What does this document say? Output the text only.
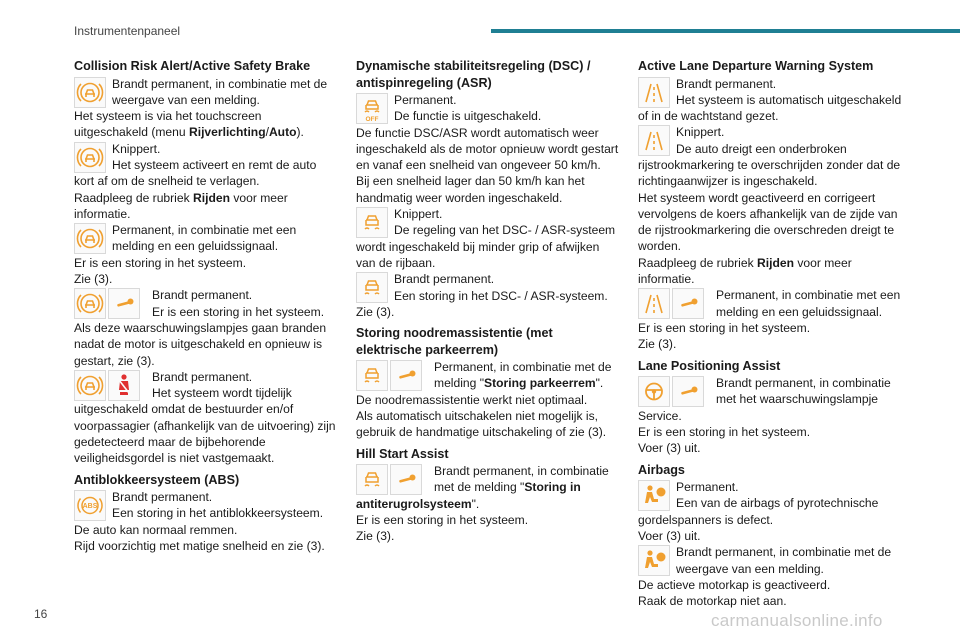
Instrumentenpaneel
Collision Risk Alert/Active Safety Brake
Brandt permanent, in combinatie met de weergave van een melding.

Het systeem is via het touchscreen uitgeschakeld (menu Rijverlichting/Auto).

Knippert.

Het systeem activeert en remt de auto kort af om de snelheid te verlagen.

Raadpleeg de rubriek Rijden voor meer informatie.

Permanent, in combinatie met een melding en een geluidssignaal.

Er is een storing in het systeem.

Zie (3).

Brandt permanent.

Er is een storing in het systeem.

Als deze waarschuwingslampjes gaan branden nadat de motor is uitgeschakeld en opnieuw is gestart, zie (3).

Brandt permanent.

Het systeem wordt tijdelijk uitgeschakeld omdat de bestuurder en/of voorpassagier (afhankelijk van de uitvoering) zijn gedetecteerd maar de bijbehorende veiligheidsgordel is niet vastgemaakt.

Antiblokkeersysteem (ABS)
ABS

Brandt permanent.

Een storing in het antiblokkeersysteem.

De auto kan normaal remmen.

Rijd voorzichtig met matige snelheid en zie (3).

Dynamische stabiliteitsregeling (DSC) / antispinregeling (ASR)
OFF

Permanent.

De functie is uitgeschakeld.

De functie DSC/ASR wordt automatisch weer ingeschakeld als de motor opnieuw wordt gestart en vanaf een snelheid van ongeveer 50 km/h.

Bij een snelheid lager dan 50 km/h kan het handmatig weer worden ingeschakeld.

Knippert.

De regeling van het DSC- / ASR-systeem wordt ingeschakeld bij minder grip of afwijken van de rijbaan.

Brandt permanent.

Een storing in het DSC- / ASR-systeem.

Zie (3).

Storing noodremassistentie (met elektrische parkeerrem)
Permanent, in combinatie met de melding "Storing parkeerrem".

De noodremassistentie werkt niet optimaal.

Als automatisch uitschakelen niet mogelijk is, gebruik de handmatige uitschakeling of zie (3).

Hill Start Assist
Brandt permanent, in combinatie met de melding "Storing in antiterugrolsysteem".

Er is een storing in het systeem.

Zie (3).

Active Lane Departure Warning System

Brandt permanent.

Het systeem is automatisch uitgeschakeld of in de wachtstand gezet.

Knippert.

De auto dreigt een onderbroken rijstrookmarkering te overschrijden zonder dat de richtingaanwijzer is ingeschakeld.

Het systeem wordt geactiveerd en corrigeert vervolgens de koers afhankelijk van de zijde van de rijstrookmarkering die overschreden dreigt te worden.

Raadpleeg de rubriek Rijden voor meer informatie.

Permanent, in combinatie met een melding en een geluidssignaal.

Er is een storing in het systeem.

Zie (3).

Lane Positioning Assist
Brandt permanent, in combinatie met het waarschuwingslampje Service.

Er is een storing in het systeem.

Voer (3) uit.

Airbags

Permanent.

Een van de airbags of pyrotechnische gordelspanners is defect.

Voer (3) uit.

Brandt permanent, in combinatie met de weergave van een melding.

De actieve motorkap is geactiveerd.

Raak de motorkap niet aan.

16	carmanualsonline.info
